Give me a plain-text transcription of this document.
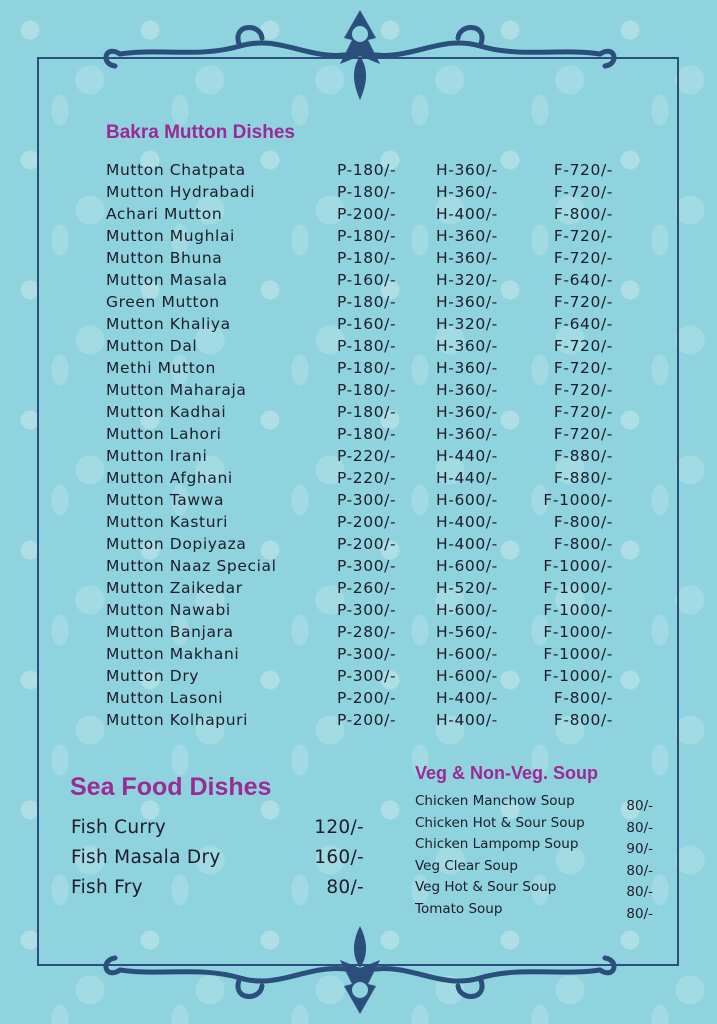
Bakra Mutton Dishes
Mutton Chatpata	P-180/-	H-360/-	F-720/-
Mutton Hydrabadi	P-180/-	H-360/-	F-720/-
Achari Mutton	P-200/-	H-400/-	F-800/-
Mutton Mughlai	P-180/-	H-360/-	F-720/-
Mutton Bhuna	P-180/-	H-360/-	F-720/-
Mutton Masala	P-160/-	H-320/-	F-640/-
Green Mutton	P-180/-	H-360/-	F-720/-
Mutton Khaliya	P-160/-	H-320/-	F-640/-
Mutton Dal	P-180/-	H-360/-	F-720/-
Methi Mutton	P-180/-	H-360/-	F-720/-
Mutton Maharaja	P-180/-	H-360/-	F-720/-
Mutton Kadhai	P-180/-	H-360/-	F-720/-
Mutton Lahori	P-180/-	H-360/-	F-720/-
Mutton Irani	P-220/-	H-440/-	F-880/-
Mutton Afghani	P-220/-	H-440/-	F-880/-
Mutton Tawwa	P-300/-	H-600/-	F-1000/-
Mutton Kasturi	P-200/-	H-400/-	F-800/-
Mutton Dopiyaza	P-200/-	H-400/-	F-800/-
Mutton Naaz Special	P-300/-	H-600/-	F-1000/-
Mutton Zaikedar	P-260/-	H-520/-	F-1000/-
Mutton Nawabi	P-300/-	H-600/-	F-1000/-
Mutton Banjara	P-280/-	H-560/-	F-1000/-
Mutton Makhani	P-300/-	H-600/-	F-1000/-
Mutton Dry	P-300/-	H-600/-	F-1000/-
Mutton Lasoni	P-200/-	H-400/-	F-800/-
Mutton Kolhapuri	P-200/-	H-400/-	F-800/-
Sea Food Dishes
Fish Curry	120/-
Fish Masala Dry	160/-
Fish Fry	80/-
Veg & Non-Veg. Soup
Chicken Manchow Soup	80/-
Chicken Hot & Sour Soup	80/-
Chicken Lampomp Soup	90/-
Veg Clear Soup	80/-
Veg Hot & Sour Soup	80/-
Tomato Soup	80/-
